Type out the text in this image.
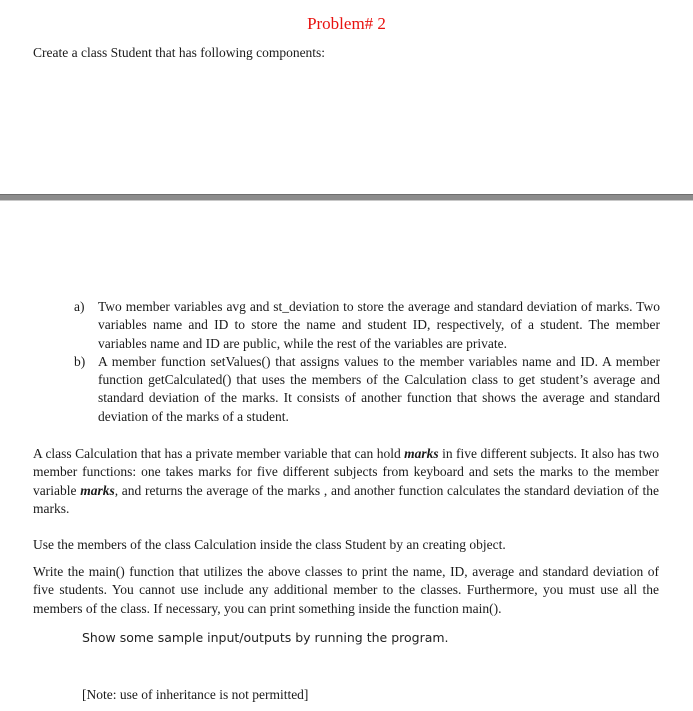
Problem# 2
Create a class Student that has following components:
a)	Two member variables avg and st_deviation to store the average and standard deviation of marks. Two variables name and ID to store the name and student ID, respectively, of a student. The member variables name and ID are public, while the rest of the variables are private.
b) A member function setValues() that assigns values to the member variables name and ID. A member function getCalculated() that uses the members of the Calculation class to get student’s average and standard deviation of the marks. It consists of another function that shows the average and standard deviation of the marks of a student.
A class Calculation that has a private member variable that can hold marks in five different subjects. It also has two member functions: one takes marks for five different subjects from keyboard and sets the marks to the member variable marks, and returns the average of the marks , and another function calculates the standard deviation of the marks.
Use the members of the class Calculation inside the class Student by an creating object.
Write the main() function that utilizes the above classes to print the name, ID, average and standard deviation of five students. You cannot use include any additional member to the classes. Furthermore, you must use all the members of the class. If necessary, you can print something inside the function main().
Show some sample input/outputs by running the program.
[Note: use of inheritance is not permitted]
